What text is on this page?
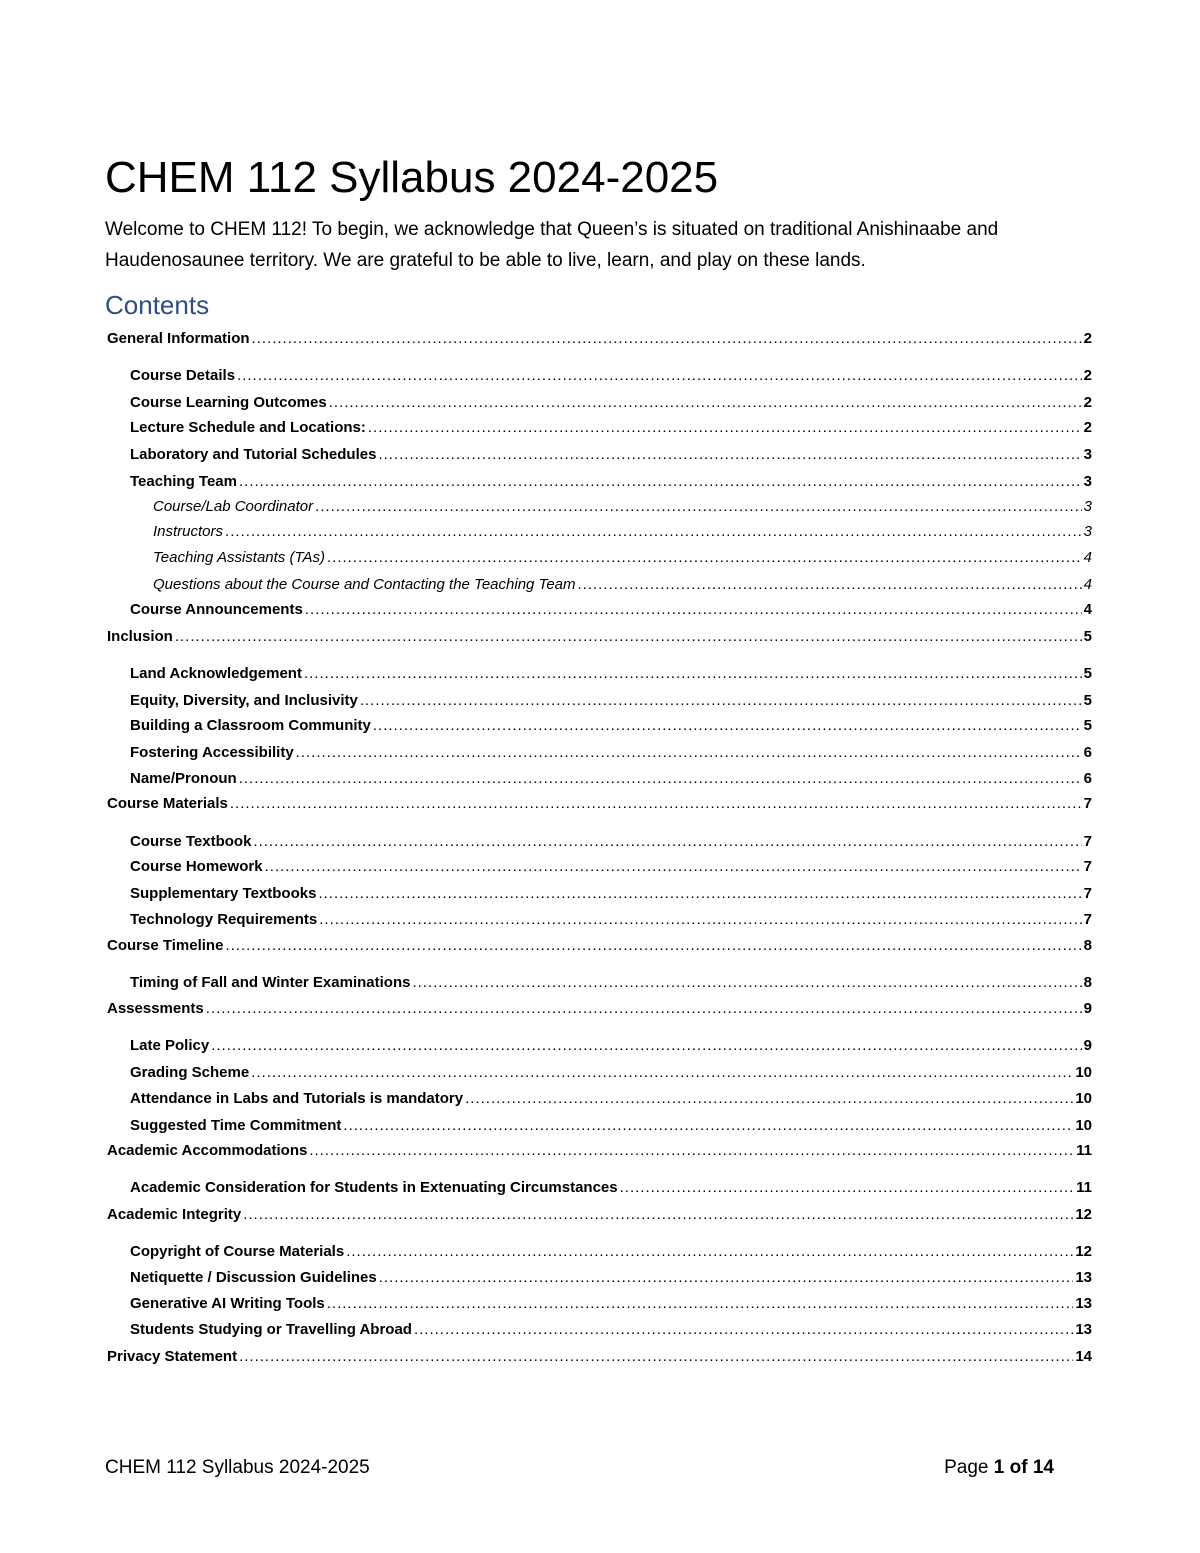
CHEM 112 Syllabus 2024-2025

Welcome to CHEM 112! To begin, we acknowledge that Queen’s is situated on traditional Anishinaabe and Haudenosaunee territory. We are grateful to be able to live, learn, and play on these lands.

Contents
General Information .....	2
Course Details .....	2
Course Learning Outcomes .....	2
Lecture Schedule and Locations: .....	2
Laboratory and Tutorial Schedules .....	3
Teaching Team .....	3
Course/Lab Coordinator .....	3
Instructors .....	3
Teaching Assistants (TAs) .....	4
Questions about the Course and Contacting the Teaching Team .....	4
Course Announcements .....	4
Inclusion .....	5
Land Acknowledgement .....	5
Equity, Diversity, and Inclusivity .....	5
Building a Classroom Community .....	5
Fostering Accessibility .....	6
Name/Pronoun .....	6
Course Materials .....	7
Course Textbook .....	7
Course Homework .....	7
Supplementary Textbooks .....	7
Technology Requirements .....	7
Course Timeline .....	8
Timing of Fall and Winter Examinations .....	8
Assessments .....	9
Late Policy .....	9
Grading Scheme .....	10
Attendance in Labs and Tutorials is mandatory .....	10
Suggested Time Commitment .....	10
Academic Accommodations .....	11
Academic Consideration for Students in Extenuating Circumstances .....	11
Academic Integrity .....	12
Copyright of Course Materials .....	12
Netiquette / Discussion Guidelines .....	13
Generative AI Writing Tools .....	13
Students Studying or Travelling Abroad .....	13
Privacy Statement .....	14
CHEM 112 Syllabus 2024-2025	Page 1 of 14
